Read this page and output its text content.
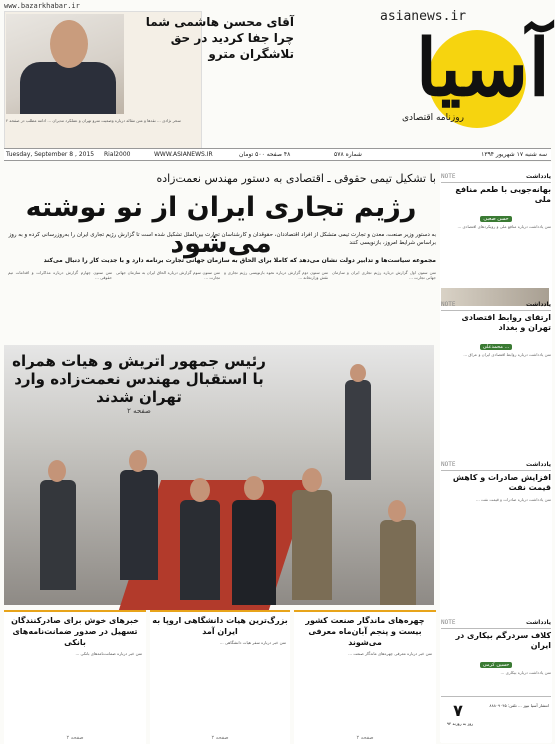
www.bazarkhabar.ir
آقای محسن هاشمی شما چرا جفا کردید در حق تلاشگران مترو
سحر نژادی ... نقدها و متن مقاله درباره وضعیت مترو تهران و عملکرد مدیران ... ادامه مطلب در صفحه ۲
آسیا
asianews.ir
روزنامه اقتصادی
Tuesday, September 8 , 2015 Rial2000	WWW.ASIANEWS.IR	۴۸ صفحه ۵۰۰ تومان	شماره ۵۷۸	سه شنبه ۱۷ شهریور ۱۳۹۴
با تشکیل تیمی حقوقی ـ اقتصادی به دستور مهندس نعمت‌زاده
رژیم تجاری ایران از نو نوشته می‌شود
به دستور وزیر صنعت، معدن و تجارت تیمی متشکل از افراد اقتصاددان، حقوقدان و کارشناسان تجارت بین‌الملل تشکیل شده است تا گزارش رژیم تجاری ایران را به‌روزرسانی کرده و به روز براساس شرایط امروز، بازنویسی کنند
مجموعه سیاست‌ها و تدابیر دولت نشان می‌دهد که کاملا برای الحاق به سازمان جهانی تجارت برنامه دارد و با جدیت کار را دنبال می‌کند
متن ستون اول گزارش درباره رژیم تجاری ایران و سازمان جهانی تجارت ...
متن ستون دوم گزارش درباره نحوه بازنویسی رژیم تجاری و نقش وزارتخانه ...
متن ستون سوم گزارش درباره الحاق ایران به سازمان جهانی تجارت ...
متن ستون چهارم گزارش درباره مذاکرات و اقدامات تیم حقوقی ...
رئیس جمهور اتریش و هیات همراه با استقبال مهندس نعمت‌زاده وارد تهران شدند
صفحه ۲
NOTE	یادداشت
بهانه‌جویی با طعم منافع ملی
حسن صعبی
متن یادداشت درباره منافع ملی و رویکردهای اقتصادی ...
NOTE	یادداشت
ارتقای روابط اقتصادی تهران و بغداد
محمدعلی ...
متن یادداشت درباره روابط اقتصادی ایران و عراق ...
NOTE	یادداشت
افزایش صادرات و کاهش قیمت نفت
متن یادداشت درباره صادرات و قیمت نفت ...
NOTE	یادداشت
کلاف سردرگم بیکاری در ایران
حسین کرمی
متن یادداشت درباره بیکاری ...
۷
روز به روزنه ۹۴
انتشار آسیا نیوز ... تلفن: ۸۸۸۰۹۰۴۵
چهره‌های ماندگار صنعت کشور بیست و پنجم آبان‌ماه معرفی می‌شوند
متن خبر درباره معرفی چهره‌های ماندگار صنعت ...
صفحه ۲
بزرگ‌ترین هیات دانشگاهی اروپا به ایران آمد
متن خبر درباره سفر هیات دانشگاهی ...
صفحه ۲
خبرهای خوش برای صادرکنندگان تسهیل در صدور ضمانت‌نامه‌های بانکی
متن خبر درباره ضمانت‌نامه‌های بانکی ...
صفحه ۲
